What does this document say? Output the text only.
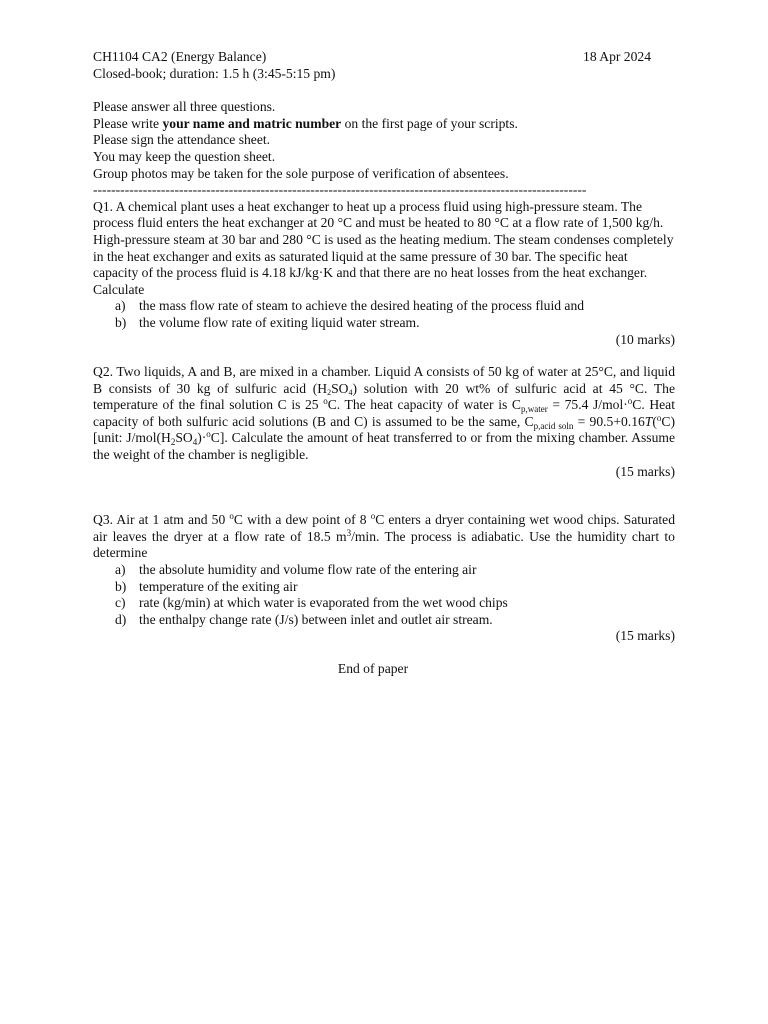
CH1104 CA2 (Energy Balance)	18 Apr 2024

Closed-book; duration: 1.5 h (3:45-5:15 pm)

Please answer all three questions.

Please write your name and matric number on the first page of your scripts.

Please sign the attendance sheet.

You may keep the question sheet.

Group photos may be taken for the sole purpose of verification of absentees.

-------------------------------------------------------------------------------------------------------------

Q1. A chemical plant uses a heat exchanger to heat up a process fluid using high-pressure steam. The process fluid enters the heat exchanger at 20 °C and must be heated to 80 °C at a flow rate of 1,500 kg/h. High-pressure steam at 30 bar and 280 °C is used as the heating medium. The steam condenses completely in the heat exchanger and exits as saturated liquid at the same pressure of 30 bar. The specific heat capacity of the process fluid is 4.18 kJ/kg·K and that there are no heat losses from the heat exchanger. Calculate

a) the mass flow rate of steam to achieve the desired heating of the process fluid and
b) the volume flow rate of exiting liquid water stream.
(10 marks)

Q2. Two liquids, A and B, are mixed in a chamber. Liquid A consists of 50 kg of water at 25°C, and liquid B consists of 30 kg of sulfuric acid $(H_2SO_4)$ solution with 20 wt% of sulfuric acid at 45 °C. The temperature of the final solution C is 25 $^o$C. The heat capacity of water is $C_{p,water} = 75.4$ J/mol·$^o$C. Heat capacity of both sulfuric acid solutions (B and C) is assumed to be the same, $C_{p,acid soln} = 90.5+0.16T(^oC)$ [unit: $J/mol(H_2SO_4)\cdot^oC$]. Calculate the amount of heat transferred to or from the mixing chamber. Assume the weight of the chamber is negligible.

(15 marks)

Q3. Air at 1 atm and 50 $^o$C with a dew point of 8 $^o$C enters a dryer containing wet wood chips. Saturated air leaves the dryer at a flow rate of 18.5 $m^3/\min$. The process is adiabatic. Use the humidity chart to determine

a) the absolute humidity and volume flow rate of the entering air
b) temperature of the exiting air
c) rate (kg/min) at which water is evaporated from the wet wood chips
d) the enthalpy change rate (J/s) between inlet and outlet air stream.
(15 marks)
End of paper
